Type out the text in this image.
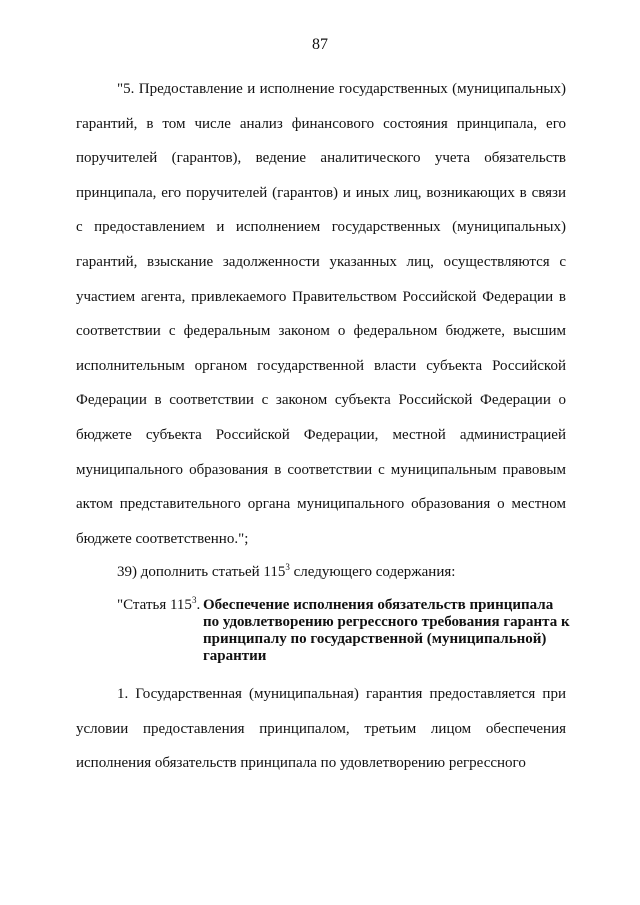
87

"5. Предоставление и исполнение государственных (муниципальных) гарантий, в том числе анализ финансового состояния принципала, его поручителей (гарантов), ведение аналитического учета обязательств принципала, его поручителей (гарантов) и иных лиц, возникающих в связи с предоставлением и исполнением государственных (муниципальных) гарантий, взыскание задолженности указанных лиц, осуществляются с участием агента, привлекаемого Правительством Российской Федерации в соответствии с федеральным законом о федеральном бюджете, высшим исполнительным органом государственной власти субъекта Российской Федерации в соответствии с законом субъекта Российской Федерации о бюджете субъекта Российской Федерации, местной администрацией муниципального образования в соответствии с муниципальным правовым актом представительного органа муниципального образования о местном бюджете соответственно.";

39) дополнить статьей $115^3$ следующего содержания:

"Статья $115^3$. Обеспечение исполнения обязательств принципала по удовлетворению регрессного требования гаранта к принципалу по государственной (муниципальной) гарантии

1. Государственная (муниципальная) гарантия предоставляется при условии предоставления принципалом, третьим лицом обеспечения исполнения обязательств принципала по удовлетворению регрессного
